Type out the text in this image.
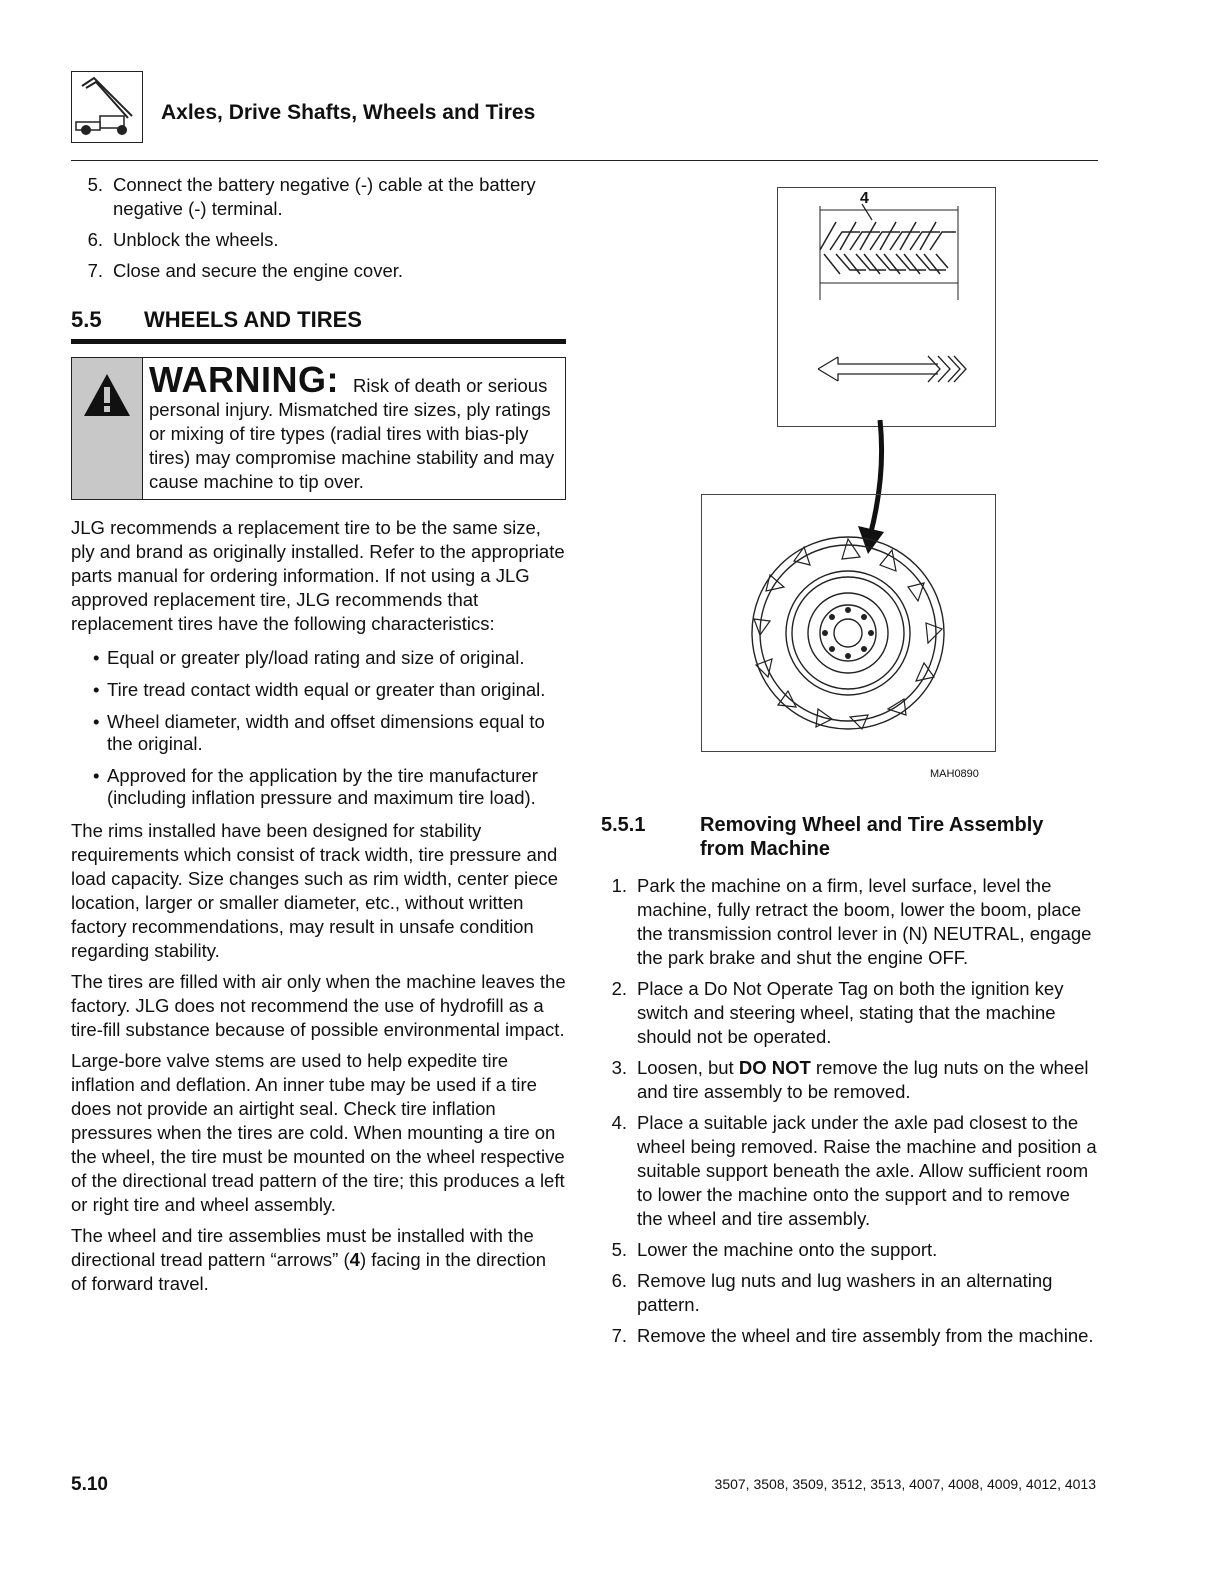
Axles, Drive Shafts, Wheels and Tires
5. Connect the battery negative (-) cable at the battery negative (-) terminal.
6. Unblock the wheels.
7. Close and secure the engine cover.
5.5 WHEELS AND TIRES
WARNING: Risk of death or serious personal injury. Mismatched tire sizes, ply ratings or mixing of tire types (radial tires with bias-ply tires) may compromise machine stability and may cause machine to tip over.

JLG recommends a replacement tire to be the same size, ply and brand as originally installed. Refer to the appropriate parts manual for ordering information. If not using a JLG approved replacement tire, JLG recommends that replacement tires have the following characteristics:

• Equal or greater ply/load rating and size of original.
• Tire tread contact width equal or greater than original.
• Wheel diameter, width and offset dimensions equal to the original.
• Approved for the application by the tire manufacturer (including inflation pressure and maximum tire load).

The rims installed have been designed for stability requirements which consist of track width, tire pressure and load capacity. Size changes such as rim width, center piece location, larger or smaller diameter, etc., without written factory recommendations, may result in unsafe condition regarding stability.

The tires are filled with air only when the machine leaves the factory. JLG does not recommend the use of hydrofill as a tire-fill substance because of possible environmental impact.

Large-bore valve stems are used to help expedite tire inflation and deflation. An inner tube may be used if a tire does not provide an airtight seal. Check tire inflation pressures when the tires are cold. When mounting a tire on the wheel, the tire must be mounted on the wheel respective of the directional tread pattern of the tire; this produces a left or right tire and wheel assembly.

The wheel and tire assemblies must be installed with the directional tread pattern “arrows” (4) facing in the direction of forward travel.

4
MAH0890
5.5.1	Removing Wheel and Tire Assembly from Machine
1. Park the machine on a firm, level surface, level the machine, fully retract the boom, lower the boom, place the transmission control lever in (N) NEUTRAL, engage the park brake and shut the engine OFF.
2. Place a Do Not Operate Tag on both the ignition key switch and steering wheel, stating that the machine should not be operated.
3. Loosen, but DO NOT remove the lug nuts on the wheel and tire assembly to be removed.
4. Place a suitable jack under the axle pad closest to the wheel being removed. Raise the machine and position a suitable support beneath the axle. Allow sufficient room to lower the machine onto the support and to remove the wheel and tire assembly.
5. Lower the machine onto the support.
6. Remove lug nuts and lug washers in an alternating pattern.
7. Remove the wheel and tire assembly from the machine.
5.10	3507, 3508, 3509, 3512, 3513, 4007, 4008, 4009, 4012, 4013
